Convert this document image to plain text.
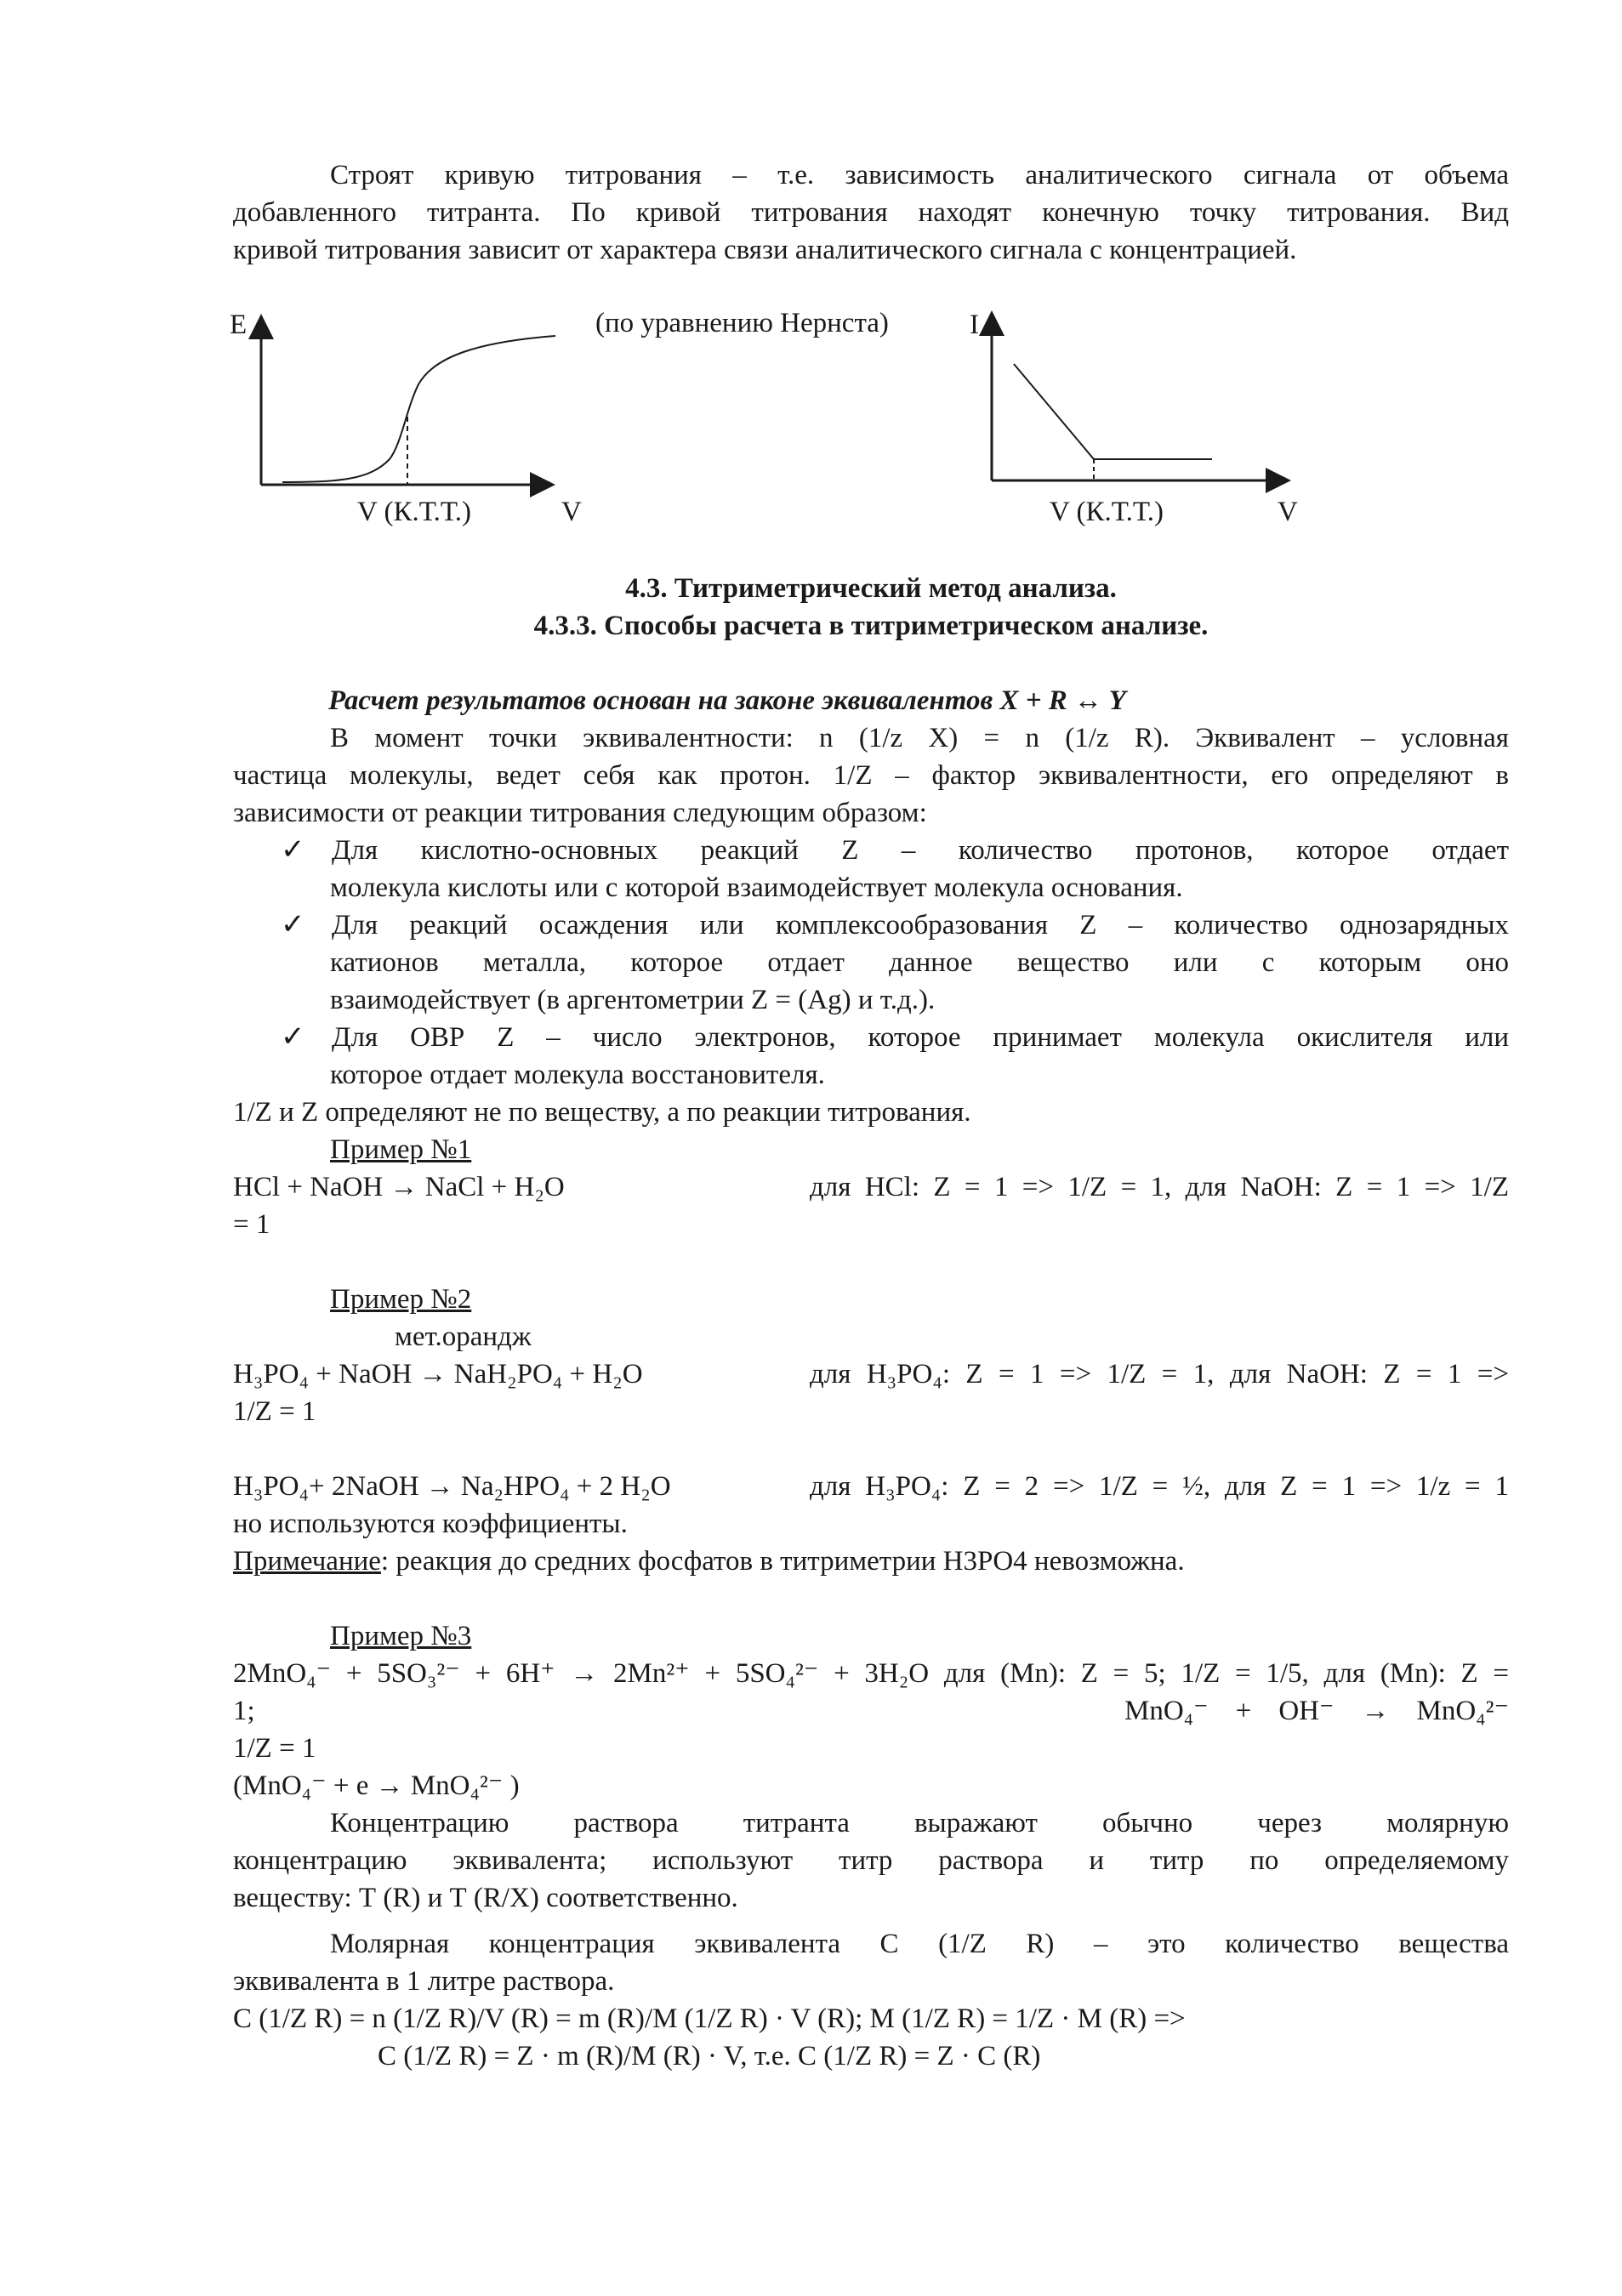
Строят кривую титрования – т.е. зависимость аналитического сигнала от объема
добавленного титранта. По кривой титрования находят конечную точку титрования. Вид
кривой титрования зависит от характера связи аналитического сигнала с концентрацией.
E
V (К.Т.Т.)	V
(по уравнению Нернста)	I
V (К.Т.Т.)	V
4.3. Титриметрический метод анализа.
4.3.3. Способы расчета в титриметрическом анализе.
Расчет результатов основан на законе эквивалентов X + R ↔ Y
В момент точки эквивалентности: n (1/z X) = n (1/z R). Эквивалент – условная
частица молекулы, ведет себя как протон. 1/Z – фактор эквивалентности, его определяют в
зависимости от реакции титрования следующим образом:
✓ Для кислотно-основных реакций Z – количество протонов, которое отдает
молекула кислоты или с которой взаимодействует молекула основания.
✓ Для реакций осаждения или комплексообразования Z – количество однозарядных
катионов металла, которое отдает данное вещество или с которым оно
взаимодействует (в аргентометрии Z = (Ag) и т.д.).
✓ Для ОВР Z – число электронов, которое принимает молекула окислителя или
которое отдает молекула восстановителя.
1/Z и Z определяют не по веществу, а по реакции титрования.
Пример №1
HCl + NaOH → NaCl + H₂O	для HCl: Z = 1 => 1/Z = 1, для NaOH: Z = 1 => 1/Z
= 1
Пример №2
мет.орандж
H₃PO₄ + NaOH → NaH₂PO₄ + H₂O	для H₃PO₄: Z = 1 => 1/Z = 1, для NaOH: Z = 1 =>
1/Z = 1
H₃PO₄+ 2NaOH → Na₂HPO₄ + 2 H₂O	для H₃PO₄: Z = 2 => 1/Z = ½, для Z = 1 => 1/z = 1
но используются коэффициенты.
Примечание: реакция до средних фосфатов в титриметрии H3PO4 невозможна.
Пример №3
2MnO₄⁻ + 5SO₃²⁻ + 6H⁺ → 2Mn²⁺ + 5SO₄²⁻ + 3H₂O для (Mn): Z = 5; 1/Z = 1/5, для (Mn): Z =
1;	MnO₄⁻ + OH⁻ → MnO₄²⁻
1/Z = 1
(MnO₄⁻ + e → MnO₄²⁻ )
Концентрацию раствора титранта выражают обычно через молярную
концентрацию эквивалента; используют титр раствора и титр по определяемому
веществу: Т (R) и Т (R/X) соответственно.
Молярная концентрация эквивалента С (1/Z R) – это количество вещества
эквивалента в 1 литре раствора.
С (1/Z R) = n (1/Z R)/V (R) = m (R)/M (1/Z R) · V (R); M (1/Z R) = 1/Z · M (R) =>
С (1/Z R) = Z · m (R)/M (R) · V, т.е. С (1/Z R) = Z · С (R)
